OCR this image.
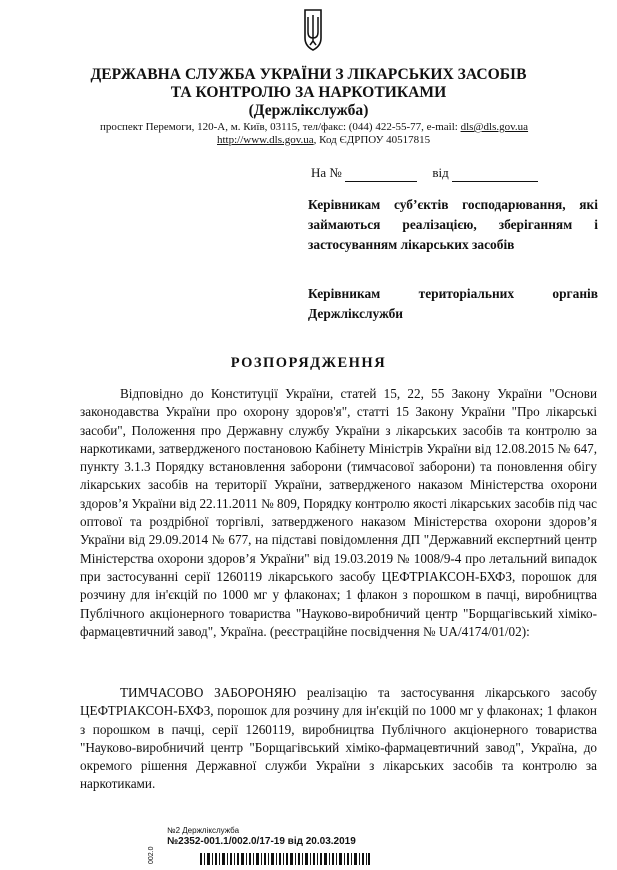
ДЕРЖАВНА СЛУЖБА УКРАЇНИ З ЛІКАРСЬКИХ ЗАСОБІВ
ТА КОНТРОЛЮ ЗА НАРКОТИКАМИ
(Держлікслужба)
проспект Перемоги, 120-А, м. Київ, 03115, тел/факс: (044) 422-55-77, e-mail: dls@dls.gov.ua
http://www.dls.gov.ua, Код ЄДРПОУ 40517815
На №	від
Керівникам суб’єктів господарювання, які займаються реалізацією, зберіганням і застосуванням лікарських засобів
Керівникам територіальних органів Держлікслужби
РОЗПОРЯДЖЕННЯ

Відповідно до Конституції України, статей 15, 22, 55 Закону України "Основи законодавства України про охорону здоров'я", статті 15 Закону України "Про лікарські засоби", Положення про Державну службу України з лікарських засобів та контролю за наркотиками, затвердженого постановою Кабінету Міністрів України від 12.08.2015 № 647, пункту 3.1.3 Порядку встановлення заборони (тимчасової заборони) та поновлення обігу лікарських засобів на території України, затвердженого наказом Міністерства охорони здоров’я України від 22.11.2011 № 809, Порядку контролю якості лікарських засобів під час оптової та роздрібної торгівлі, затвердженого наказом Міністерства охорони здоров’я України від 29.09.2014 № 677, на підставі повідомлення ДП "Державний експертний центр Міністерства охорони здоров’я України" від 19.03.2019 № 1008/9-4 про летальний випадок при застосуванні серії 1260119 лікарського засобу ЦЕФТРІАКСОН-БХФЗ, порошок для розчину для ін'єкцій по 1000 мг у флаконах; 1 флакон з порошком в пачці, виробництва Публічного акціонерного товариства "Науково-виробничий центр "Борщагівський хіміко-фармацевтичний завод", Україна. (реєстраційне посвідчення № UA/4174/01/02):

ТИМЧАСОВО ЗАБОРОНЯЮ реалізацію та застосування лікарського засобу ЦЕФТРІАКСОН-БХФЗ, порошок для розчину для ін'єкцій по 1000 мг у флаконах; 1 флакон з порошком в пачці, серії 1260119, виробництва Публічного акціонерного товариства "Науково-виробничий центр "Борщагівський хіміко-фармацевтичний завод", Україна, до окремого рішення Державної служби України з лікарських засобів та контролю за наркотиками.

№2 Держлікслужба
№2352-001.1/002.0/17-19 від 20.03.2019
002.0
